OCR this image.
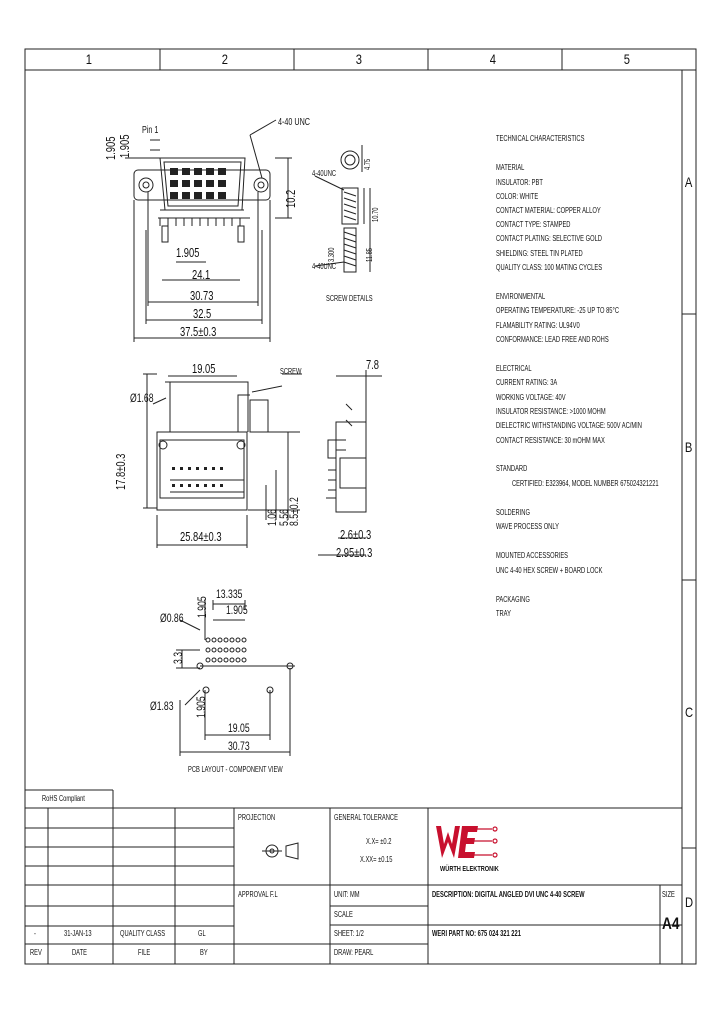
1	2	3	4	5
A
B
C
D
1.905 1.905
Pin 1
4-40 UNC
10.2
1.905
24.1
30.73
32.5
37.5±0.3
4-40UNC
4-40UNC
3.300	11.85
10.70
4.75
SCREW DETAILS
19.05
Ø1.68
17.8±0.3
SCREW
1.06
5.56
8.5±0.2
25.84±0.3
7.8
2.6±0.3
2.95±0.3
13.335
1.905
1.905
Ø0.86
3.3
1.905
Ø1.83
19.05
30.73
PCB LAYOUT - COMPONENT VIEW
TECHNICAL CHARACTERISTICS
MATERIAL
INSULATOR: PBT
COLOR: WHITE
CONTACT MATERIAL: COPPER ALLOY
CONTACT TYPE: STAMPED
CONTACT PLATING: SELECTIVE GOLD
SHIELDING: STEEL TIN PLATED
QUALITY CLASS: 100 MATING CYCLES
ENVIRONMENTAL
OPERATING TEMPERATURE: -25 UP TO 85°C
FLAMABILITY RATING: UL94V0
CONFORMANCE: LEAD FREE AND ROHS
ELECTRICAL
CURRENT RATING: 3A
WORKING VOLTAGE: 40V
INSULATOR RESISTANCE: >1000 MOHM
DIELECTRIC WITHSTANDING VOLTAGE: 500V AC/MIN
CONTACT RESISTANCE: 30 mOHM MAX
STANDARD
CERTIFIED: E323964, MODEL NUMBER 675024321221
SOLDERING
WAVE PROCESS ONLY
MOUNTED ACCESSORIES
UNC 4-40 HEX SCREW + BOARD LOCK
PACKAGING
TRAY
RoHS Compliant
PROJECTION	GENERAL TOLERANCE
X.X= ±0.2
X.XX= ±0.15
WÜRTH ELEKTRONIK
APPROVAL F.L	UNIT: MM
SCALE
SHEET: 1/2
DRAW: PEARL
DESCRIPTION: DIGITAL ANGLED DVI UNC 4-40 SCREW
WERI PART NO: 675 024 321 221
SIZE
A4
-	31-JAN-13	QUALITY CLASS	GL
REV	DATE	FILE	BY
